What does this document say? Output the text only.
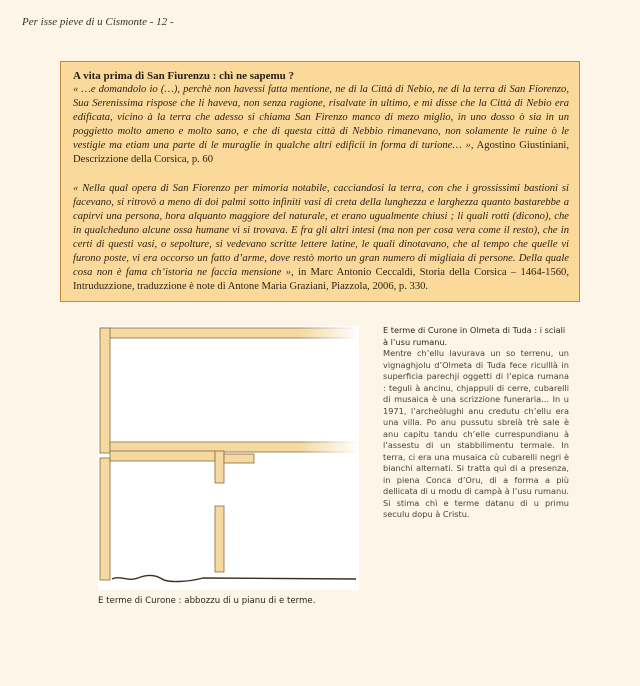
Per isse pieve di u Cismonte - 12 -
A vita prima di San Fiurenzu : chì ne sapemu ?

« …e domandolo io (…), perchè non havessi fatta mentione, ne di la Città di Nebio, ne di la terra di San Fiorenzo, Sua Serenissima rispose che li haveva, non senza ragione, risalvate in ultimo, e mi disse che la Città di Nebio era edificata, vicino à la terra che adesso si chiama San Firenzo manco di mezo miglio, in uno dosso ò sia in un poggietto molto ameno e molto sano, e che di questa città di Nebbio rimanevano, non solamente le ruine ò le vestigie ma etiam una parte di le muraglie in qualche altri edificii in forma di turione… », Agostino Giustiniani, Descrizzione della Corsica, p. 60

« Nella qual opera di San Fiorenzo per mimoria notabile, cacciandosi la terra, con che i grossissimi bastioni si facevano, si ritrovò a meno di doi palmi sotto infiniti vasi di creta della lunghezza e larghezza quanto bastarebbe a capirvi una persona, hora alquanto maggiore del naturale, et erano ugualmente chiusi ; li quali rotti (dicono), che in qualcheduno alcune ossa humane vi si trovava. E fra gli altri intesi (ma non per cosa vera come il resto), che in certi di questi vasi, o sepolture, si vedevano scritte lettere latine, le quali dinotavano, che al tempo che quelle vi furono poste, vi era occorso un fatto d’arme, dove restò morto un gran numero di migliaia di persone. Della quale cosa non è fama ch’istoria ne faccia mensione », in Marc Antonio Ceccaldi, Storia della Corsica – 1464-1560, Intruduzzione, traduzzione è note di Antone Maria Graziani, Piazzola, 2006, p. 330.

E terme di Curone : abbozzu di u pianu di e terme.
E terme di Curone in Olmeta di Tuda : i sciali à l’usu rumanu.

Mentre ch’ellu lavurava un so terrenu, un vignaghjolu d’Olmeta di Tuda fece riculllà in superficia parechji oggetti di l’epica rumana : teguli à ancinu, chjappuli di cerre, cubarelli di musaica è una scrizzione funeraria... In u 1971, l’archeòlughi anu credutu ch’ellu era una villa. Po anu pussutu sbreià trè sale è anu capitu tandu ch’elle currespundianu à l’assestu di un stabbilimentu termale. In terra, ci era una musaica cù cubarelli negri è bianchi alternati. Si tratta quì di a presenza, in piena Conca d’Oru, di a forma a più dellicata di u modu di campà à l’usu rumanu. Si stima chì e terme datanu di u primu seculu dopu à Cristu.
